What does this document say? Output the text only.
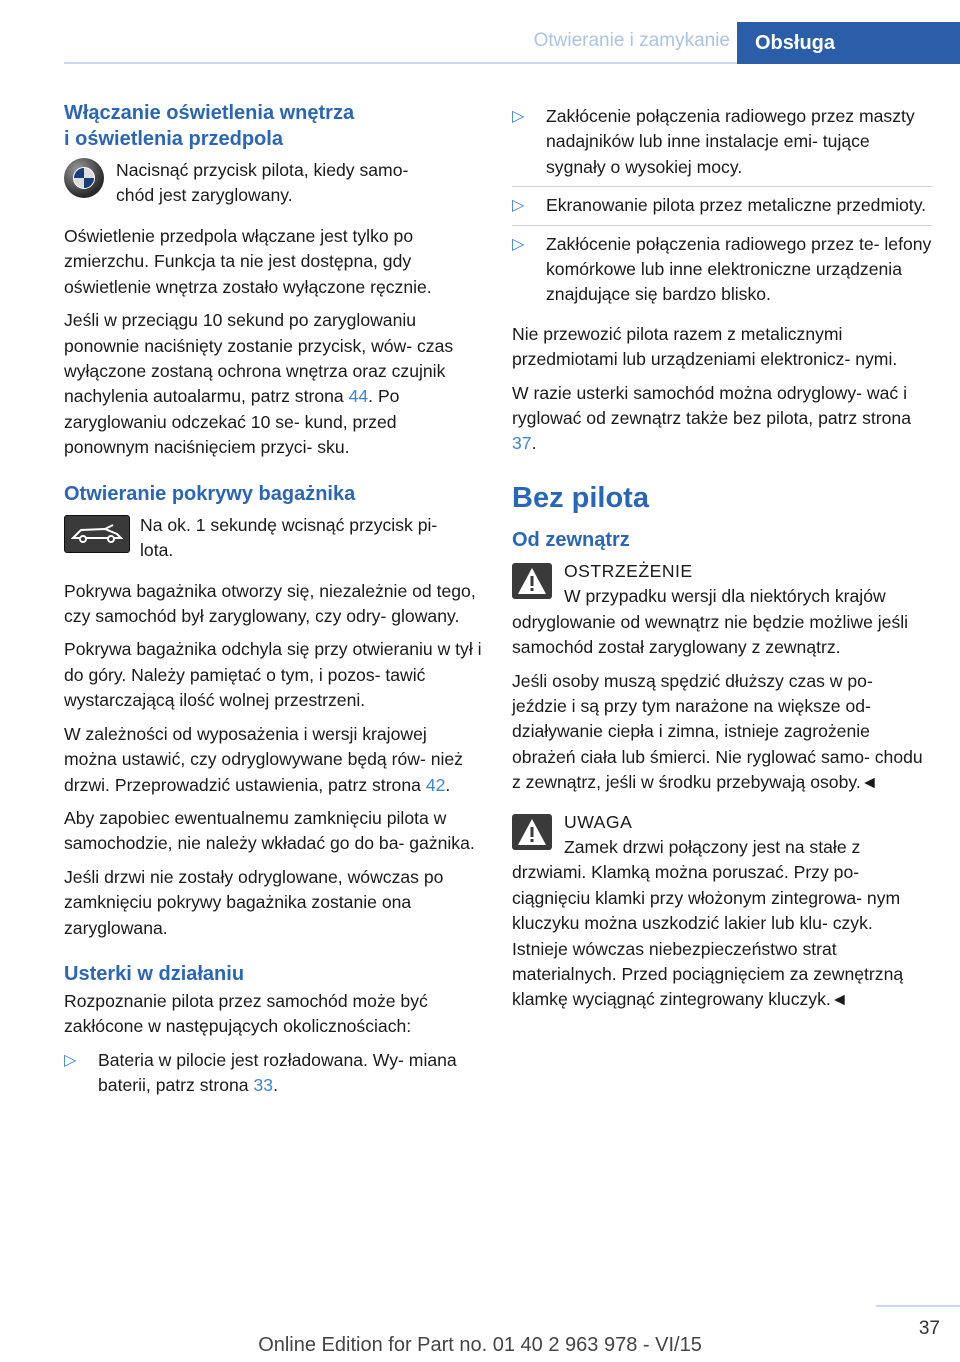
Otwieranie i zamykanie	Obsługa
Włączanie oświetlenia wnętrza
i oświetlenia przedpola
Nacisnąć przycisk pilota, kiedy samo‐
chód jest zaryglowany.

Oświetlenie przedpola włączane jest tylko po zmierzchu. Funkcja ta nie jest dostępna, gdy oświetlenie wnętrza zostało wyłączone ręcznie.

Jeśli w przeciągu 10 sekund po zaryglowaniu ponownie naciśnięty zostanie przycisk, wów‐ czas wyłączone zostaną ochrona wnętrza oraz czujnik nachylenia autoalarmu, patrz strona 44. Po zaryglowaniu odczekać 10 se‐ kund, przed ponownym naciśnięciem przyci‐ sku.

Otwieranie pokrywy bagażnika
Na ok. 1 sekundę wcisnąć przycisk pi‐
lota.

Pokrywa bagażnika otworzy się, niezależnie od tego, czy samochód był zaryglowany, czy odry‐ glowany.

Pokrywa bagażnika odchyla się przy otwieraniu w tył i do góry. Należy pamiętać o tym, i pozos‐ tawić wystarczającą ilość wolnej przestrzeni.

W zależności od wyposażenia i wersji krajowej można ustawić, czy odryglowywane będą rów‐ nież drzwi. Przeprowadzić ustawienia, patrz strona 42.

Aby zapobiec ewentualnemu zamknięciu pilota w samochodzie, nie należy wkładać go do ba‐ gażnika.

Jeśli drzwi nie zostały odryglowane, wówczas po zamknięciu pokrywy bagażnika zostanie ona zaryglowana.

Usterki w działaniu

Rozpoznanie pilota przez samochód może być zakłócone w następujących okolicznościach:

▷ Bateria w pilocie jest rozładowana. Wy‐ miana baterii, patrz strona 33.
▷ Zakłócenie połączenia radiowego przez maszty nadajników lub inne instalacje emi‐ tujące sygnały o wysokiej mocy.
▷ Ekranowanie pilota przez metaliczne przedmioty.
▷ Zakłócenie połączenia radiowego przez te‐ lefony komórkowe lub inne elektroniczne urządzenia znajdujące się bardzo blisko.

Nie przewozić pilota razem z metalicznymi przedmiotami lub urządzeniami elektronicz‐ nymi.

W razie usterki samochód można odryglowy‐ wać i ryglować od zewnątrz także bez pilota, patrz strona 37.

Bez pilota
Od zewnątrz
OSTRZEŻENIE
W przypadku wersji dla niektórych krajów
odryglowanie od wewnątrz nie będzie możliwe jeśli samochód został zaryglowany z zewnątrz.

Jeśli osoby muszą spędzić dłuższy czas w po‐ jeździe i są przy tym narażone na większe od‐ działywanie ciepła i zimna, istnieje zagrożenie obrażeń ciała lub śmierci. Nie ryglować samo‐ chodu z zewnątrz, jeśli w środku przebywają osoby.◄

UWAGA
Zamek drzwi połączony jest na stałe z
drzwiami. Klamką można poruszać. Przy po‐ ciągnięciu klamki przy włożonym zintegrowa‐ nym kluczyku można uszkodzić lakier lub klu‐ czyk. Istnieje wówczas niebezpieczeństwo strat materialnych. Przed pociągnięciem za zewnętrzną klamkę wyciągnąć zintegrowany kluczyk.◄
37
Online Edition for Part no. 01 40 2 963 978 - VI/15
